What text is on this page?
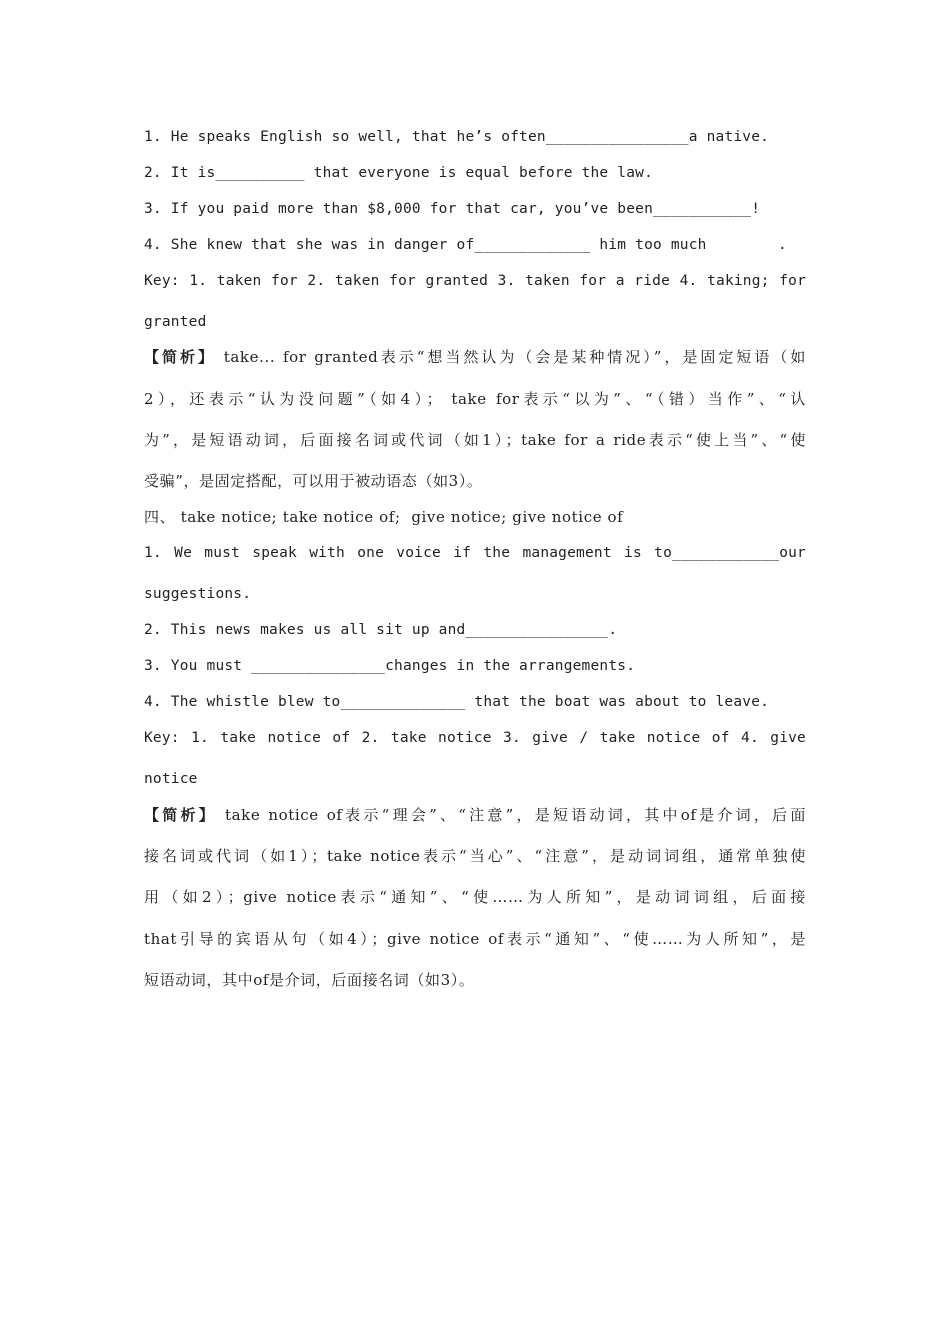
1. He speaks English so well, that he’s often________________a native.
2. It is__________ that everyone is equal before the law.
3. If you paid more than $8,000 for that car, you’ve been___________!
4. She knew that she was in danger of_____________ him too much        .
Key: 1. taken for 2. taken for granted 3. taken for a ride 4. taking; for
granted
【简析】 take... for granted表示“想当然认为（会是某种情况）”，是固定短语（如
2），还表示“认为没问题”（如4）； take for表示“以为”、“（错）当作”、“认
为”，是短语动词，后面接名词或代词（如1）；take for a ride表示“使上当”、“使
受骗”，是固定搭配，可以用于被动语态（如3）。
四、 take notice; take notice of;  give notice; give notice of
1. We must speak with one voice if the management is to____________our
suggestions.
2. This news makes us all sit up and________________.
3. You must _______________changes in the arrangements.
4. The whistle blew to______________ that the boat was about to leave.
Key: 1. take notice of 2. take notice 3. give / take notice of 4. give
notice
【简析】 take notice of表示“理会”、“注意”，是短语动词，其中of是介词，后面
接名词或代词（如1）；take notice表示“当心”、“注意”，是动词词组，通常单独使
用（如2）；give notice表示“通知”、“使……为人所知”，是动词词组，后面接
that引导的宾语从句（如4）；give notice of表示“通知”、“使……为人所知”，是
短语动词，其中of是介词，后面接名词（如3）。
